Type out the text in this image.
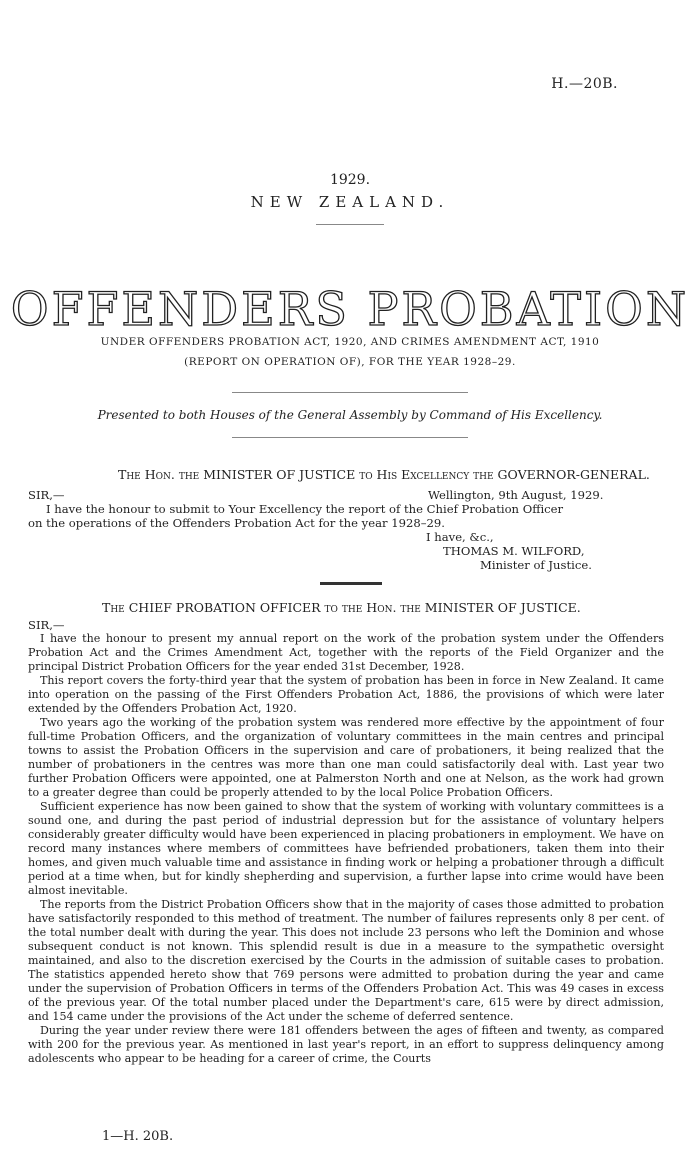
H.—20B.
1929.
NEW ZEALAND.
OFFENDERS PROBATION
UNDER OFFENDERS PROBATION ACT, 1920, AND CRIMES AMENDMENT ACT, 1910
(REPORT ON OPERATION OF), FOR THE YEAR 1928–29.
Presented to both Houses of the General Assembly by Command of His Excellency.
The Hon. the MINISTER OF JUSTICE to His Excellency the GOVERNOR-GENERAL.
SIR,—	Wellington, 9th August, 1929.
I have the honour to submit to Your Excellency the report of the Chief Probation Officer
on the operations of the Offenders Probation Act for the year 1928–29.
I have, &c.,
THOMAS M. WILFORD,
Minister of Justice.
The CHIEF PROBATION OFFICER to the Hon. the MINISTER OF JUSTICE.
SIR,—

I have the honour to present my annual report on the work of the probation system under the Offenders Probation Act and the Crimes Amendment Act, together with the reports of the Field Organizer and the principal District Probation Officers for the year ended 31st December, 1928.

This report covers the forty-third year that the system of probation has been in force in New Zealand. It came into operation on the passing of the First Offenders Probation Act, 1886, the provisions of which were later extended by the Offenders Probation Act, 1920.

Two years ago the working of the probation system was rendered more effective by the appointment of four full-time Probation Officers, and the organization of voluntary committees in the main centres and principal towns to assist the Probation Officers in the supervision and care of probationers, it being realized that the number of probationers in the centres was more than one man could satisfactorily deal with. Last year two further Probation Officers were appointed, one at Palmerston North and one at Nelson, as the work had grown to a greater degree than could be properly attended to by the local Police Probation Officers.

Sufficient experience has now been gained to show that the system of working with voluntary committees is a sound one, and during the past period of industrial depression but for the assistance of voluntary helpers considerably greater difficulty would have been experienced in placing probationers in employment. We have on record many instances where members of committees have befriended probationers, taken them into their homes, and given much valuable time and assistance in finding work or helping a probationer through a difficult period at a time when, but for kindly shepherding and supervision, a further lapse into crime would have been almost inevitable.

The reports from the District Probation Officers show that in the majority of cases those admitted to probation have satisfactorily responded to this method of treatment. The number of failures represents only 8 per cent. of the total number dealt with during the year. This does not include 23 persons who left the Dominion and whose subsequent conduct is not known. This splendid result is due in a measure to the sympathetic oversight maintained, and also to the discretion exercised by the Courts in the admission of suitable cases to probation. The statistics appended hereto show that 769 persons were admitted to probation during the year and came under the supervision of Probation Officers in terms of the Offenders Probation Act. This was 49 cases in excess of the previous year. Of the total number placed under the Department's care, 615 were by direct admission, and 154 came under the provisions of the Act under the scheme of deferred sentence.

During the year under review there were 181 offenders between the ages of fifteen and twenty, as compared with 200 for the previous year. As mentioned in last year's report, in an effort to suppress delinquency among adolescents who appear to be heading for a career of crime, the Courts

1—H. 20B.
